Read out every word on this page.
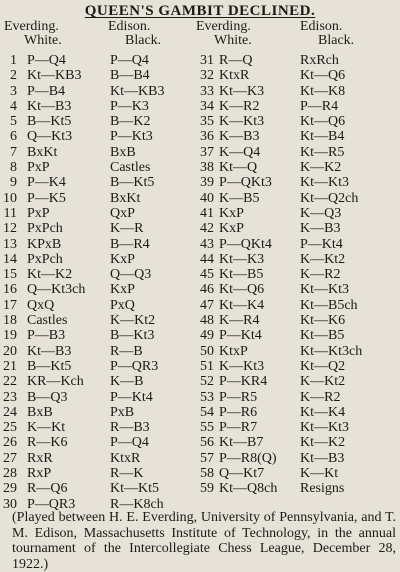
QUEEN'S GAMBIT DECLINED.
Everding.	Edison.	Everding.	Edison.
White.	Black.	White.	Black.
1 P—Q4	P—Q4	31 R—Q	RxRch
2 Kt—KB3 B—B4	32 KtxR	Kt—Q6
3 P—B4	Kt—KB3	33 Kt—K3	Kt—K8
4 Kt—B3	P—K3	34 K—R2	P—R4
5 B—Kt5	B—K2	35 K—Kt3	Kt—Q6
6 Q—Kt3	P—Kt3	36 K—B3	Kt—B4
7 BxKt	BxB	37 K—Q4	Kt—R5
8 PxP	Castles	38 Kt—Q	K—K2
9 P—K4	B—Kt5	39 P—QKt3 Kt—Kt3
10 P—K5	BxKt	40 K—B5	Kt—Q2ch
11 PxP	QxP	41 KxP	K—Q3
12 PxPch	K—R	42 KxP	K—B3
13 KPxB	B—R4	43 P—QKt4 P—Kt4
14 PxPch	KxP	44 Kt—K3	K—Kt2
15 Kt—K2	Q—Q3	45 Kt—B5	K—R2
16 Q—Kt3ch KxP	46 Kt—Q6	Kt—Kt3
17 QxQ	PxQ	47 Kt—K4	Kt—B5ch
18 Castles	K—Kt2	48 K—R4	Kt—K6
19 P—B3	B—Kt3	49 P—Kt4	Kt—B5
20 Kt—B3	R—B	50 KtxP	Kt—Kt3ch
21 B—Kt5	P—QR3	51 K—Kt3	Kt—Q2
22 KR—Kch K—B	52 P—KR4 K—Kt2
23 B—Q3	P—Kt4	53 P—R5	K—R2
24 BxB	PxB	54 P—R6	Kt—K4
25 K—Kt	R—B3	55 P—R7	Kt—Kt3
26 R—K6	P—Q4	56 Kt—B7	Kt—K2
27 RxR	KtxR	57 P—R8(Q) Kt—B3
28 RxP	R—K	58 Q—Kt7	K—Kt
29 R—Q6	Kt—Kt5	59 Kt—Q8ch Resigns
30 P—QR3 R—K8ch
(Played between H. E. Everding, University of Pennsylvania, and T. M. Edison, Massachusetts Institute of Technology, in the annual tournament of the Intercollegiate Chess League, December 28, 1922.)
